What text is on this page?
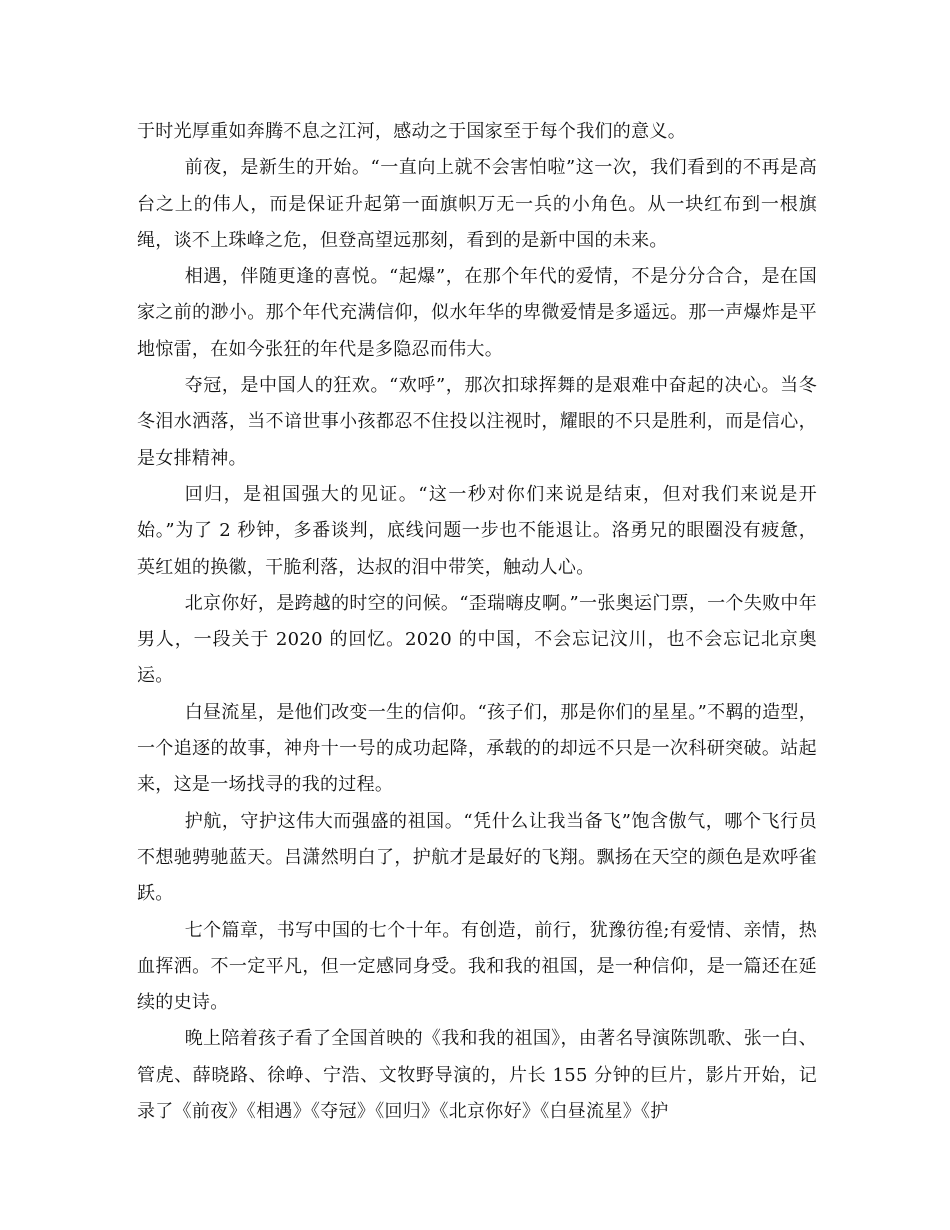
于时光厚重如奔腾不息之江河，感动之于国家至于每个我们的意义。

前夜，是新生的开始。“一直向上就不会害怕啦”这一次，我们看到的不再是高台之上的伟人，而是保证升起第一面旗帜万无一兵的小角色。从一块红布到一根旗绳，谈不上珠峰之危，但登高望远那刻，看到的是新中国的未来。

相遇，伴随更逢的喜悦。“起爆”，在那个年代的爱情，不是分分合合，是在国家之前的渺小。那个年代充满信仰，似水年华的卑微爱情是多遥远。那一声爆炸是平地惊雷，在如今张狂的年代是多隐忍而伟大。

夺冠，是中国人的狂欢。“欢呼”，那次扣球挥舞的是艰难中奋起的决心。当冬冬泪水洒落，当不谙世事小孩都忍不住投以注视时，耀眼的不只是胜利，而是信心，是女排精神。

回归，是祖国强大的见证。“这一秒对你们来说是结束，但对我们来说是开始。”为了 2 秒钟，多番谈判，底线问题一步也不能退让。洛勇兄的眼圈没有疲惫，英红姐的换徽，干脆利落，达叔的泪中带笑，触动人心。

北京你好，是跨越的时空的问候。“歪瑞嗨皮啊。”一张奥运门票，一个失败中年男人，一段关于 2020 的回忆。2020 的中国，不会忘记汶川，也不会忘记北京奥运。

白昼流星，是他们改变一生的信仰。“孩子们，那是你们的星星。”不羁的造型，一个追逐的故事，神舟十一号的成功起降，承载的的却远不只是一次科研突破。站起来，这是一场找寻的我的过程。

护航，守护这伟大而强盛的祖国。“凭什么让我当备飞”饱含傲气，哪个飞行员不想驰骋驰蓝天。吕潇然明白了，护航才是最好的飞翔。飘扬在天空的颜色是欢呼雀跃。

七个篇章，书写中国的七个十年。有创造，前行，犹豫彷徨;有爱情、亲情，热血挥洒。不一定平凡，但一定感同身受。我和我的祖国，是一种信仰，是一篇还在延续的史诗。

晚上陪着孩子看了全国首映的《我和我的祖国》，由著名导演陈凯歌、张一白、管虎、薛晓路、徐峥、宁浩、文牧野导演的，片长 155 分钟的巨片，影片开始，记录了《前夜》《相遇》《夺冠》《回归》《北京你好》《白昼流星》《护
